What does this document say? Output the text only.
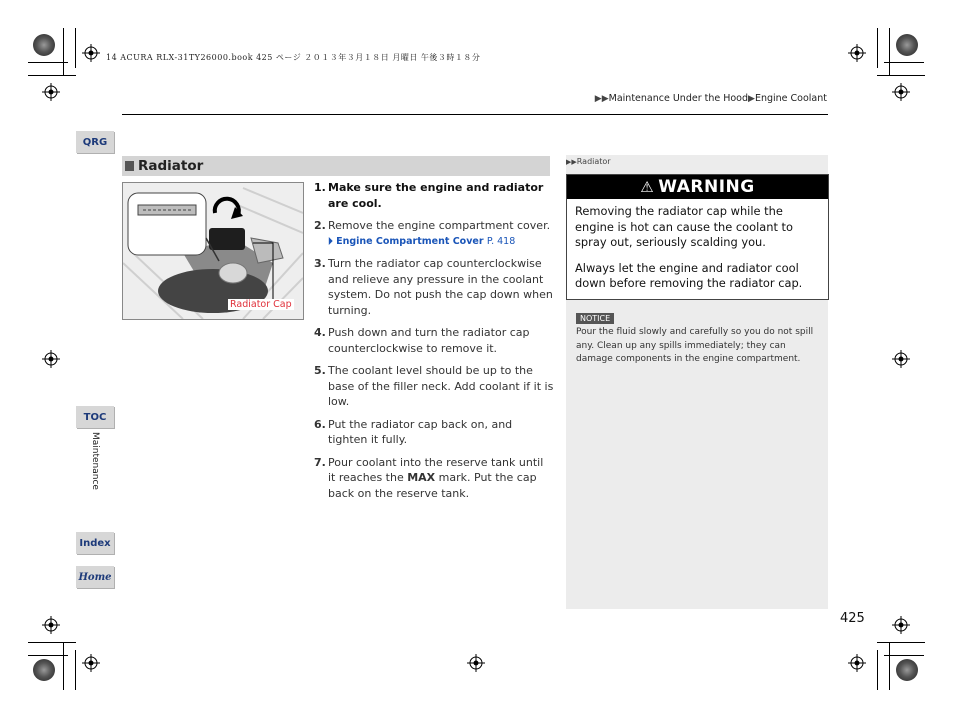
14 ACURA RLX-31TY26000.book 425 ページ ２０１３年３月１８日 月曜日 午後３時１８分
▶▶Maintenance Under the Hood▶Engine Coolant
QRG
TOC
Maintenance
Index
Home
Radiator
Radiator Cap
1. Make sure the engine and radiator are cool.
2. Remove the engine compartment cover.
⏵ Engine Compartment Cover P. 418
3. Turn the radiator cap counterclockwise and relieve any pressure in the coolant system. Do not push the cap down when turning.
4. Push down and turn the radiator cap counterclockwise to remove it.
5. The coolant level should be up to the base of the filler neck. Add coolant if it is low.
6. Put the radiator cap back on, and tighten it fully.
7. Pour coolant into the reserve tank until it reaches the MAX mark. Put the cap back on the reserve tank.
▶▶Radiator
⚠ WARNING

Removing the radiator cap while the engine is hot can cause the coolant to spray out, seriously scalding you.

Always let the engine and radiator cool down before removing the radiator cap.

NOTICE
Pour the fluid slowly and carefully so you do not spill any. Clean up any spills immediately; they can damage components in the engine compartment.
425
